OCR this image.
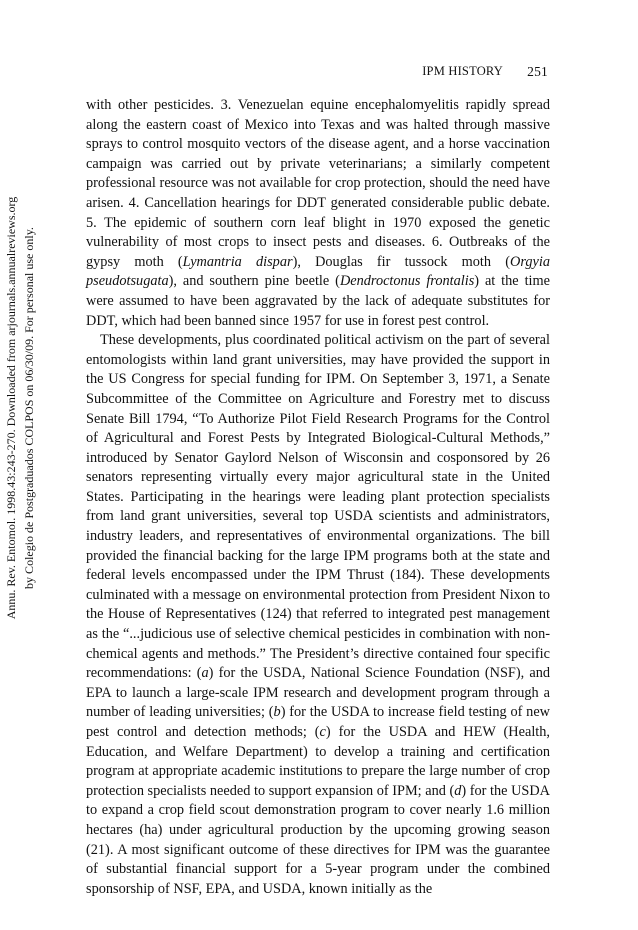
IPM HISTORY 251
Annu. Rev. Entomol. 1998.43:243-270. Downloaded from arjournals.annualreviews.org by Colegio de Postgraduados COLPOS on 06/30/09. For personal use only.

with other pesticides. 3. Venezuelan equine encephalomyelitis rapidly spread along the eastern coast of Mexico into Texas and was halted through massive sprays to control mosquito vectors of the disease agent, and a horse vaccination campaign was carried out by private veterinarians; a similarly competent professional resource was not available for crop protection, should the need have arisen. 4. Cancellation hearings for DDT generated considerable public debate. 5. The epidemic of southern corn leaf blight in 1970 exposed the genetic vulnerability of most crops to insect pests and diseases. 6. Outbreaks of the gypsy moth (Lymantria dispar), Douglas fir tussock moth (Orgyia pseudotsugata), and southern pine beetle (Dendroctonus frontalis) at the time were assumed to have been aggravated by the lack of adequate substitutes for DDT, which had been banned since 1957 for use in forest pest control.

These developments, plus coordinated political activism on the part of several entomologists within land grant universities, may have provided the support in the US Congress for special funding for IPM. On September 3, 1971, a Senate Subcommittee of the Committee on Agriculture and Forestry met to discuss Senate Bill 1794, “To Authorize Pilot Field Research Programs for the Control of Agricultural and Forest Pests by Integrated Biological-Cultural Methods,” introduced by Senator Gaylord Nelson of Wisconsin and cosponsored by 26 senators representing virtually every major agricultural state in the United States. Participating in the hearings were leading plant protection specialists from land grant universities, several top USDA scientists and administrators, industry leaders, and representatives of environmental organizations. The bill provided the financial backing for the large IPM programs both at the state and federal levels encompassed under the IPM Thrust (184). These developments culminated with a message on environmental protection from President Nixon to the House of Representatives (124) that referred to integrated pest management as the “...judicious use of selective chemical pesticides in combination with non-chemical agents and methods.” The President’s directive contained four specific recommendations: (a) for the USDA, National Science Foundation (NSF), and EPA to launch a large-scale IPM research and development program through a number of leading universities; (b) for the USDA to increase field testing of new pest control and detection methods; (c) for the USDA and HEW (Health, Education, and Welfare Department) to develop a training and certification program at appropriate academic institutions to prepare the large number of crop protection specialists needed to support expansion of IPM; and (d) for the USDA to expand a crop field scout demonstration program to cover nearly 1.6 million hectares (ha) under agricultural production by the upcoming growing season (21). A most significant outcome of these directives for IPM was the guarantee of substantial financial support for a 5-year program under the combined sponsorship of NSF, EPA, and USDA, known initially as the
